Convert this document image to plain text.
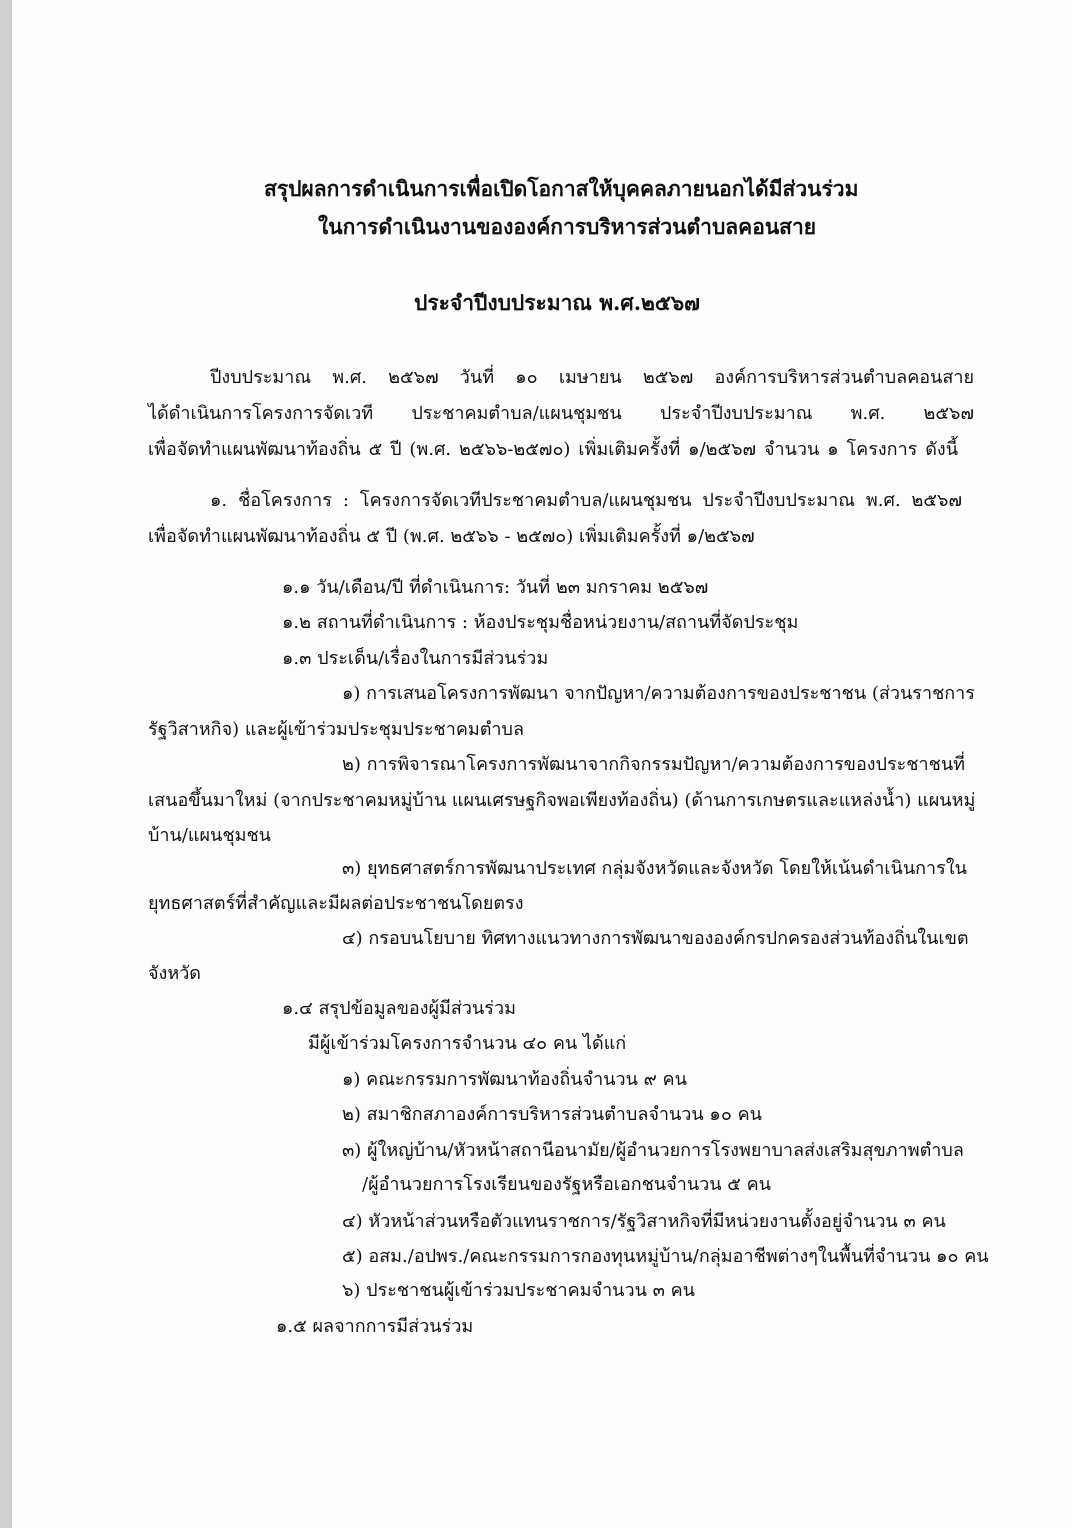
สรุปผลการดำเนินการเพื่อเปิดโอกาสให้บุคคลภายนอกได้มีส่วนร่วม
ในการดำเนินงานขององค์การบริหารส่วนตำบลคอนสาย
ประจำปีงบประมาณ พ.ศ.๒๕๖๗
ปีงบประมาณ พ.ศ. ๒๕๖๗ วันที่ ๑๐ เมษายน ๒๕๖๗ องค์การบริหารส่วนตำบลคอนสาย
ได้ดำเนินการโครงการจัดเวที ประชาคมตำบล/แผนชุมชน ประจำปีงบประมาณ พ.ศ. ๒๕๖๗
เพื่อจัดทำแผนพัฒนาท้องถิ่น ๕ ปี (พ.ศ. ๒๕๖๖-๒๕๗๐) เพิ่มเติมครั้งที่ ๑/๒๕๖๗ จำนวน ๑ โครงการ ดังนี้
๑. ชื่อโครงการ : โครงการจัดเวทีประชาคมตำบล/แผนชุมชน ประจำปีงบประมาณ พ.ศ. ๒๕๖๗
เพื่อจัดทำแผนพัฒนาท้องถิ่น ๕ ปี (พ.ศ. ๒๕๖๖ - ๒๕๗๐) เพิ่มเติมครั้งที่ ๑/๒๕๖๗
๑.๑ วัน/เดือน/ปี ที่ดำเนินการ: วันที่ ๒๓ มกราคม ๒๕๖๗
๑.๒ สถานที่ดำเนินการ : ห้องประชุมชื่อหน่วยงาน/สถานที่จัดประชุม
๑.๓ ประเด็น/เรื่องในการมีส่วนร่วม
๑) การเสนอโครงการพัฒนา จากปัญหา/ความต้องการของประชาชน (ส่วนราชการ
รัฐวิสาหกิจ) และผู้เข้าร่วมประชุมประชาคมตำบล
๒) การพิจารณาโครงการพัฒนาจากกิจกรรมปัญหา/ความต้องการของประชาชนที่
เสนอขึ้นมาใหม่ (จากประชาคมหมู่บ้าน แผนเศรษฐกิจพอเพียงท้องถิ่น) (ด้านการเกษตรและแหล่งน้ำ) แผนหมู่
บ้าน/แผนชุมชน
๓) ยุทธศาสตร์การพัฒนาประเทศ กลุ่มจังหวัดและจังหวัด โดยให้เน้นดำเนินการใน
ยุทธศาสตร์ที่สำคัญและมีผลต่อประชาชนโดยตรง
๔) กรอบนโยบาย ทิศทางแนวทางการพัฒนาขององค์กรปกครองส่วนท้องถิ่นในเขต
จังหวัด
๑.๔ สรุปข้อมูลของผู้มีส่วนร่วม
มีผู้เข้าร่วมโครงการจำนวน ๔๐ คน ได้แก่
๑) คณะกรรมการพัฒนาท้องถิ่นจำนวน ๙ คน
๒) สมาชิกสภาองค์การบริหารส่วนตำบลจำนวน ๑๐ คน
๓) ผู้ใหญ่บ้าน/หัวหน้าสถานีอนามัย/ผู้อำนวยการโรงพยาบาลส่งเสริมสุขภาพตำบล
/ผู้อำนวยการโรงเรียนของรัฐหรือเอกชนจำนวน ๕ คน
๔) หัวหน้าส่วนหรือตัวแทนราชการ/รัฐวิสาหกิจที่มีหน่วยงานตั้งอยู่จำนวน ๓ คน
๕) อสม./อปพร./คณะกรรมการกองทุนหมู่บ้าน/กลุ่มอาชีพต่างๆในพื้นที่จำนวน ๑๐ คน
๖) ประชาชนผู้เข้าร่วมประชาคมจำนวน ๓ คน
๑.๕ ผลจากการมีส่วนร่วม
